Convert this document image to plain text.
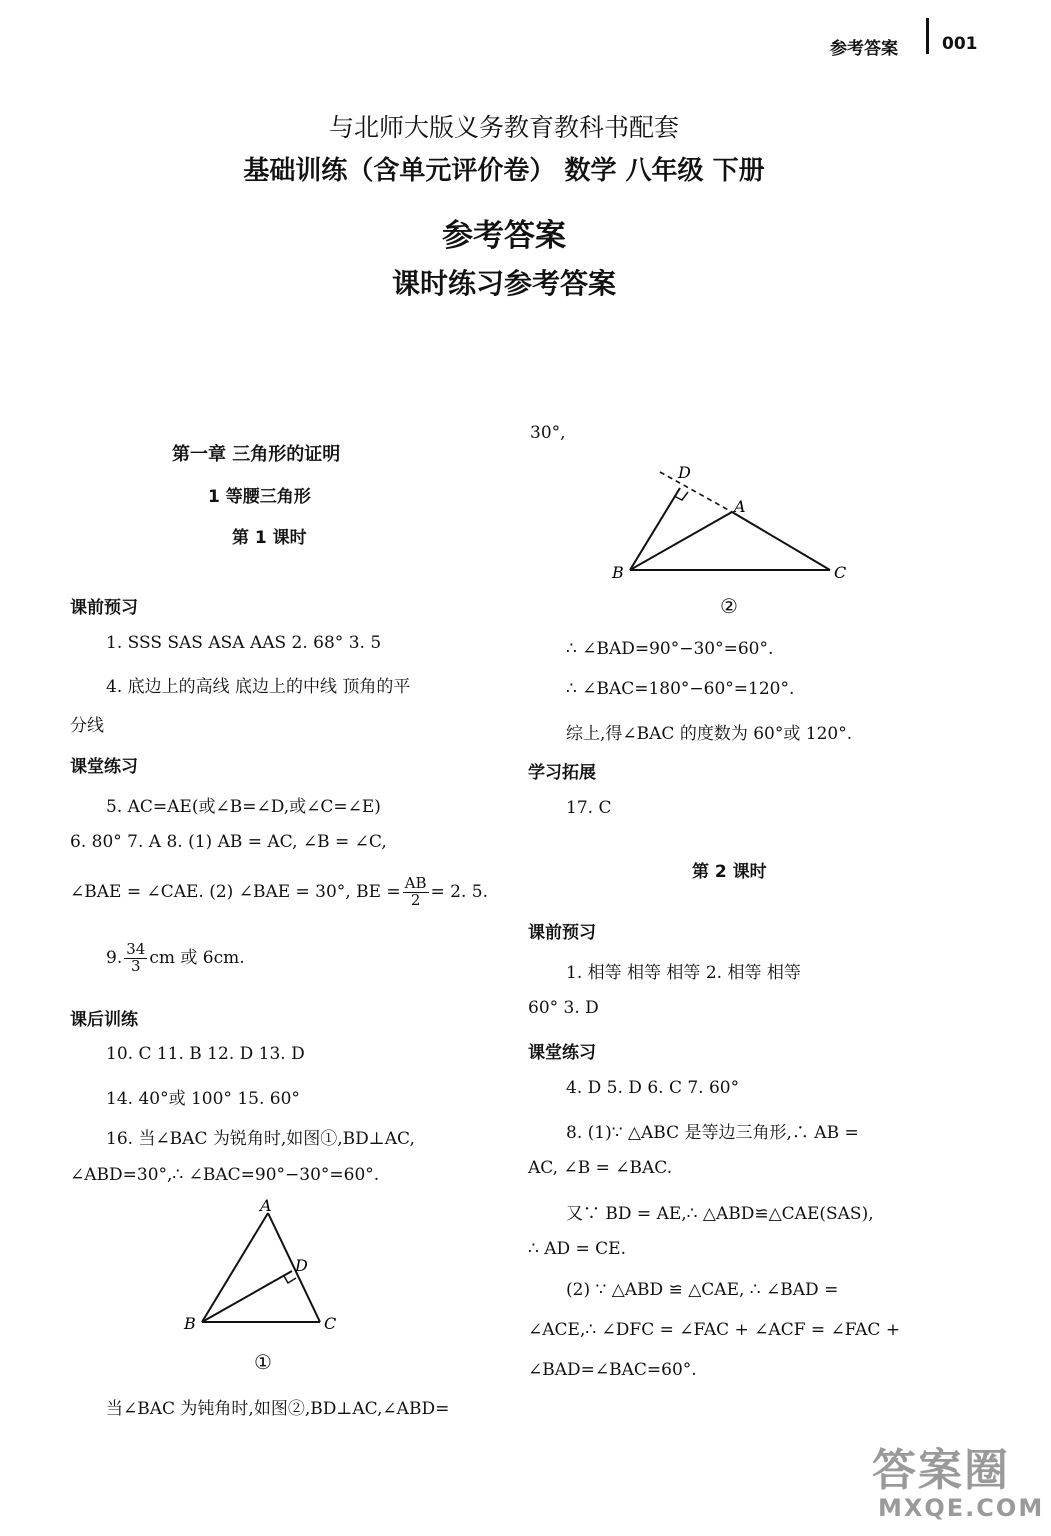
参考答案	001
与北师大版义务教育教科书配套
基础训练（含单元评价卷） 数学 八年级 下册
参考答案
课时练习参考答案
第一章 三角形的证明
1 等腰三角形
第 1 课时
课前预习
1. SSS SAS ASA AAS 2. 68° 3. 5
4. 底边上的高线 底边上的中线 顶角的平
分线
课堂练习
5. AC=AE(或∠B=∠D,或∠C=∠E)
6. 80° 7. A 8. (1) AB = AC, ∠B = ∠C,
∠BAE = ∠CAE. (2) ∠BAE = 30°, BE = $\frac{AB}{2} = 2$. 5.
9. $\frac{34}{3}$ cm 或 6cm.
课后训练
10. C 11. B 12. D 13. D
14. 40°或 100° 15. 60°
16. 当∠BAC 为锐角时,如图①,BD⊥AC,
∠ABD=30°,∴ ∠BAC=90°−30°=60°.
A
B	C
D
①
当∠BAC 为钝角时,如图②,BD⊥AC,∠ABD=
30°,
D
A
B	C
②
∴ ∠BAD=90°−30°=60°.
∴ ∠BAC=180°−60°=120°.
综上,得∠BAC 的度数为 60°或 120°.
学习拓展
17. C
第 2 课时
课前预习
1. 相等 相等 相等 2. 相等 相等
60° 3. D
课堂练习
4. D 5. D 6. C 7. 60°
8. (1)∵ △ABC 是等边三角形,∴ AB =
AC, ∠B = ∠BAC.
又∵ BD = AE,∴ △ABD≌△CAE(SAS),
∴ AD = CE.
(2) ∵ △ABD ≌ △CAE, ∴ ∠BAD =
∠ACE,∴ ∠DFC = ∠FAC + ∠ACF = ∠FAC +
∠BAD=∠BAC=60°.
答案圈
MXQE.COM
